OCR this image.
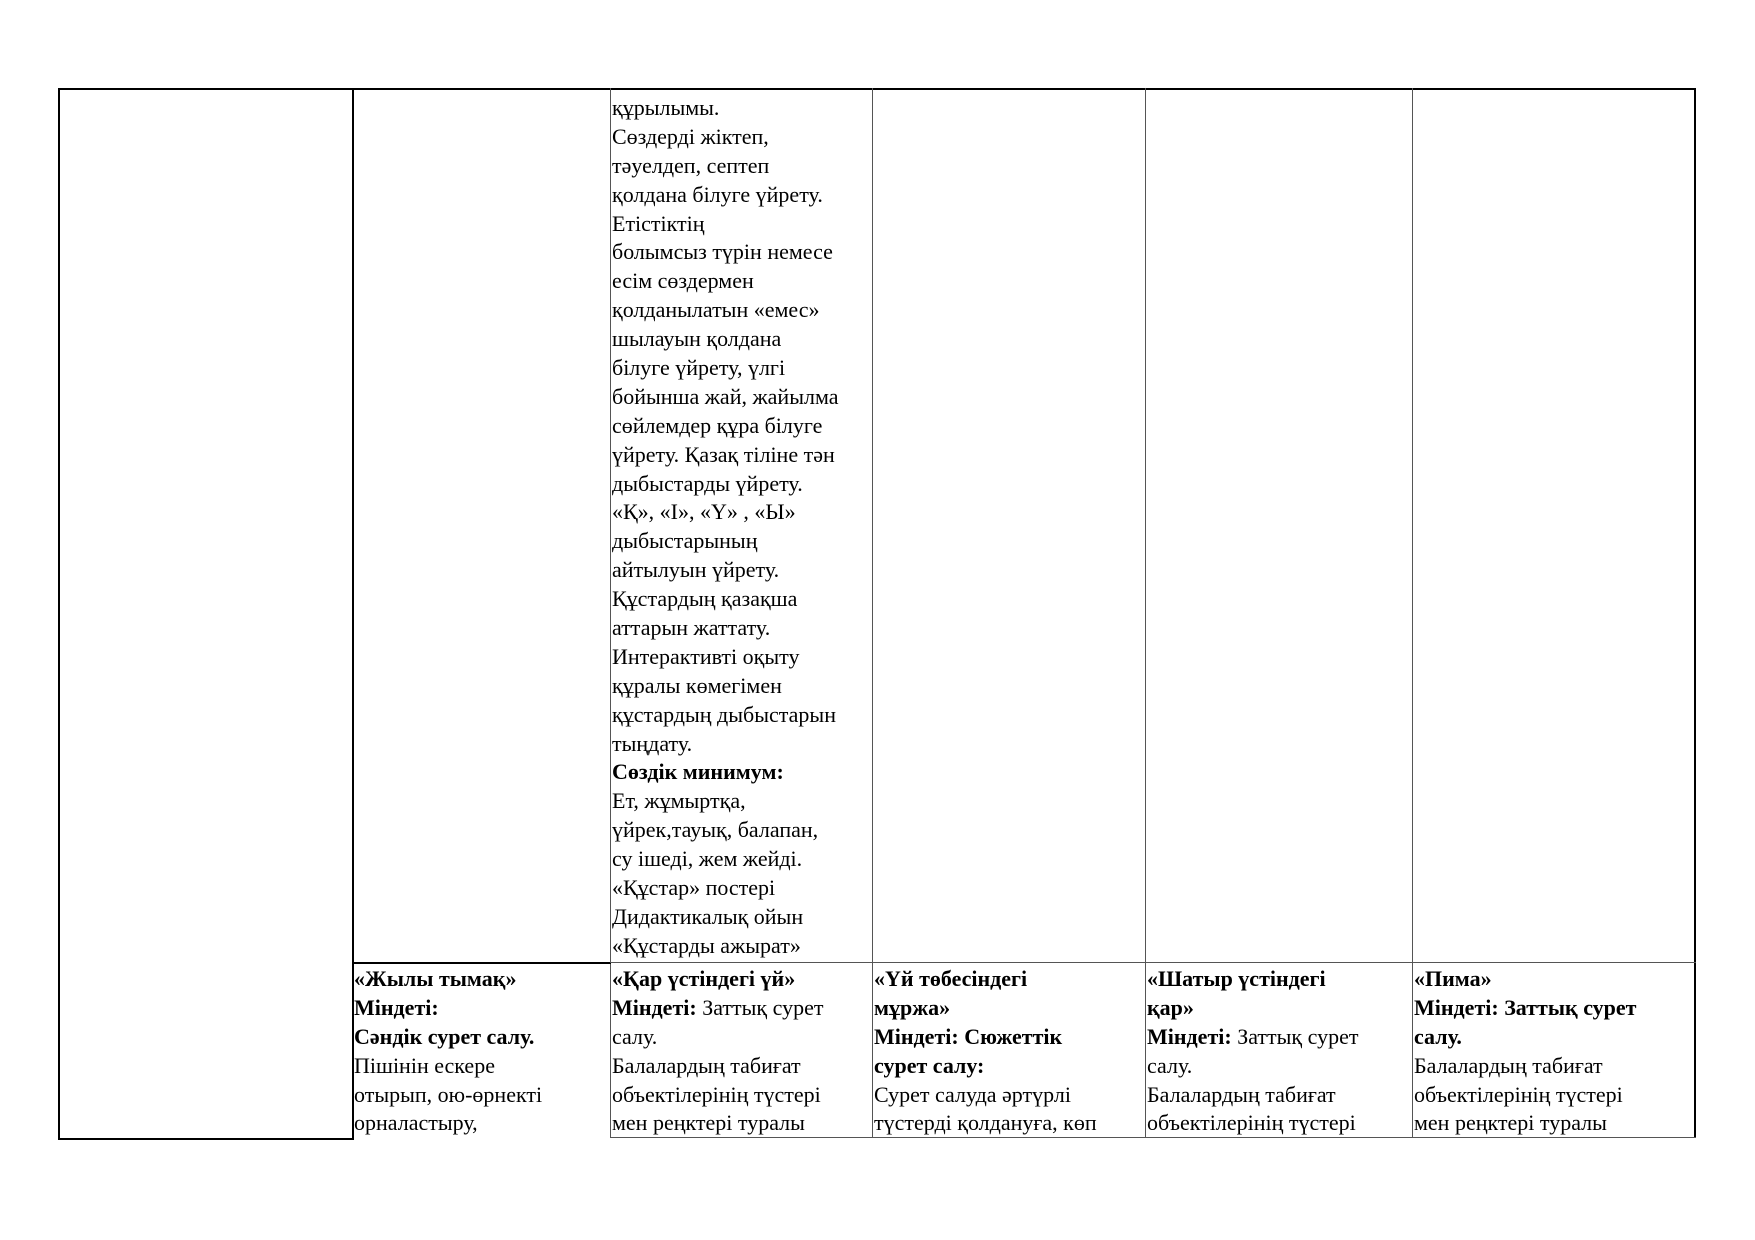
құрылымы.
Сөздерді жіктеп,
тәуелдеп, септеп
қолдана білуге үйрету.
Етістіктің
болымсыз түрін немесе
есім сөздермен
қолданылатын «емес»
шылауын қолдана
білуге үйрету, үлгі
бойынша жай, жайылма
сөйлемдер құра білуге
үйрету. Қазақ тіліне тән
дыбыстарды үйрету.
«Қ», «І», «Ү» , «Ы»
дыбыстарының
айтылуын үйрету.
Құстардың қазақша
аттарын жаттату.
Интерактивті оқыту
құралы көмегімен
құстардың дыбыстарын
тыңдату.
Сөздік минимум:
Ет, жұмыртқа,
үйрек,тауық, балапан,
су ішеді, жем жейді.
«Құстар» постері
Дидактикалық ойын
«Құстарды ажырат»
«Жылы тымақ»
Міндеті:
Сәндік сурет салу.
Пішінін ескере
отырып, ою-өрнекті
орналастыру,
«Қар үстіндегі үй»
Міндеті: Заттық сурет
салу.
Балалардың табиғат
объектілерінің түстері
мен реңктері туралы
«Үй төбесіндегі
мұржа»
Міндеті: Сюжеттік
сурет салу:
Сурет салуда әртүрлі
түстерді қолдануға, көп
«Шатыр үстіндегі
қар»
Міндеті: Заттық сурет
салу.
Балалардың табиғат
объектілерінің түстері
«Пима»
Міндеті: Заттық сурет
салу.
Балалардың табиғат
объектілерінің түстері
мен реңктері туралы
